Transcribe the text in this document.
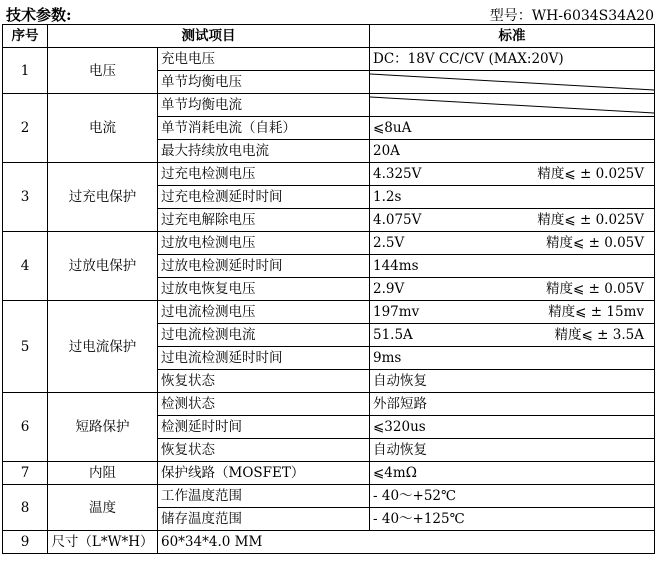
技术参数:	型号：WH-6034S34A20
序号	测试项目		标准
1	电压	充电电压	DC：18V CC/CV (MAX:20V)
		单节均衡电压	

2	电流	单节均衡电流	

		单节消耗电流（自耗）	⩽8uA
		最大持续放电电流	20A
3	过充电保护	过充电检测电压	4.325V 精度⩽ ± 0.025V

		过充电检测延时时间	1.2s
		过充电解除电压	4.075V 精度⩽ ± 0.025V

4	过放电保护	过放电检测电压	2.5V 精度⩽ ± 0.05V

		过放电检测延时时间	144ms
		过放电恢复电压	2.9V 精度⩽ ± 0.05V

5	过电流保护	过电流检测电压	197mv 精度⩽ ± 15mv

		过电流检测电流	51.5A 精度⩽ ± 3.5A

		过电流检测延时时间	9ms
		恢复状态	自动恢复
6	短路保护	检测状态	外部短路
		检测延时时间	⩽320us
		恢复状态	自动恢复
7	内阻	保护线路（MOSFET）	⩽4mΩ
8	温度	工作温度范围	- 40～+52℃
		储存温度范围	- 40～+125℃
9	尺寸（L*W*H）	60*34*4.0 MM	
